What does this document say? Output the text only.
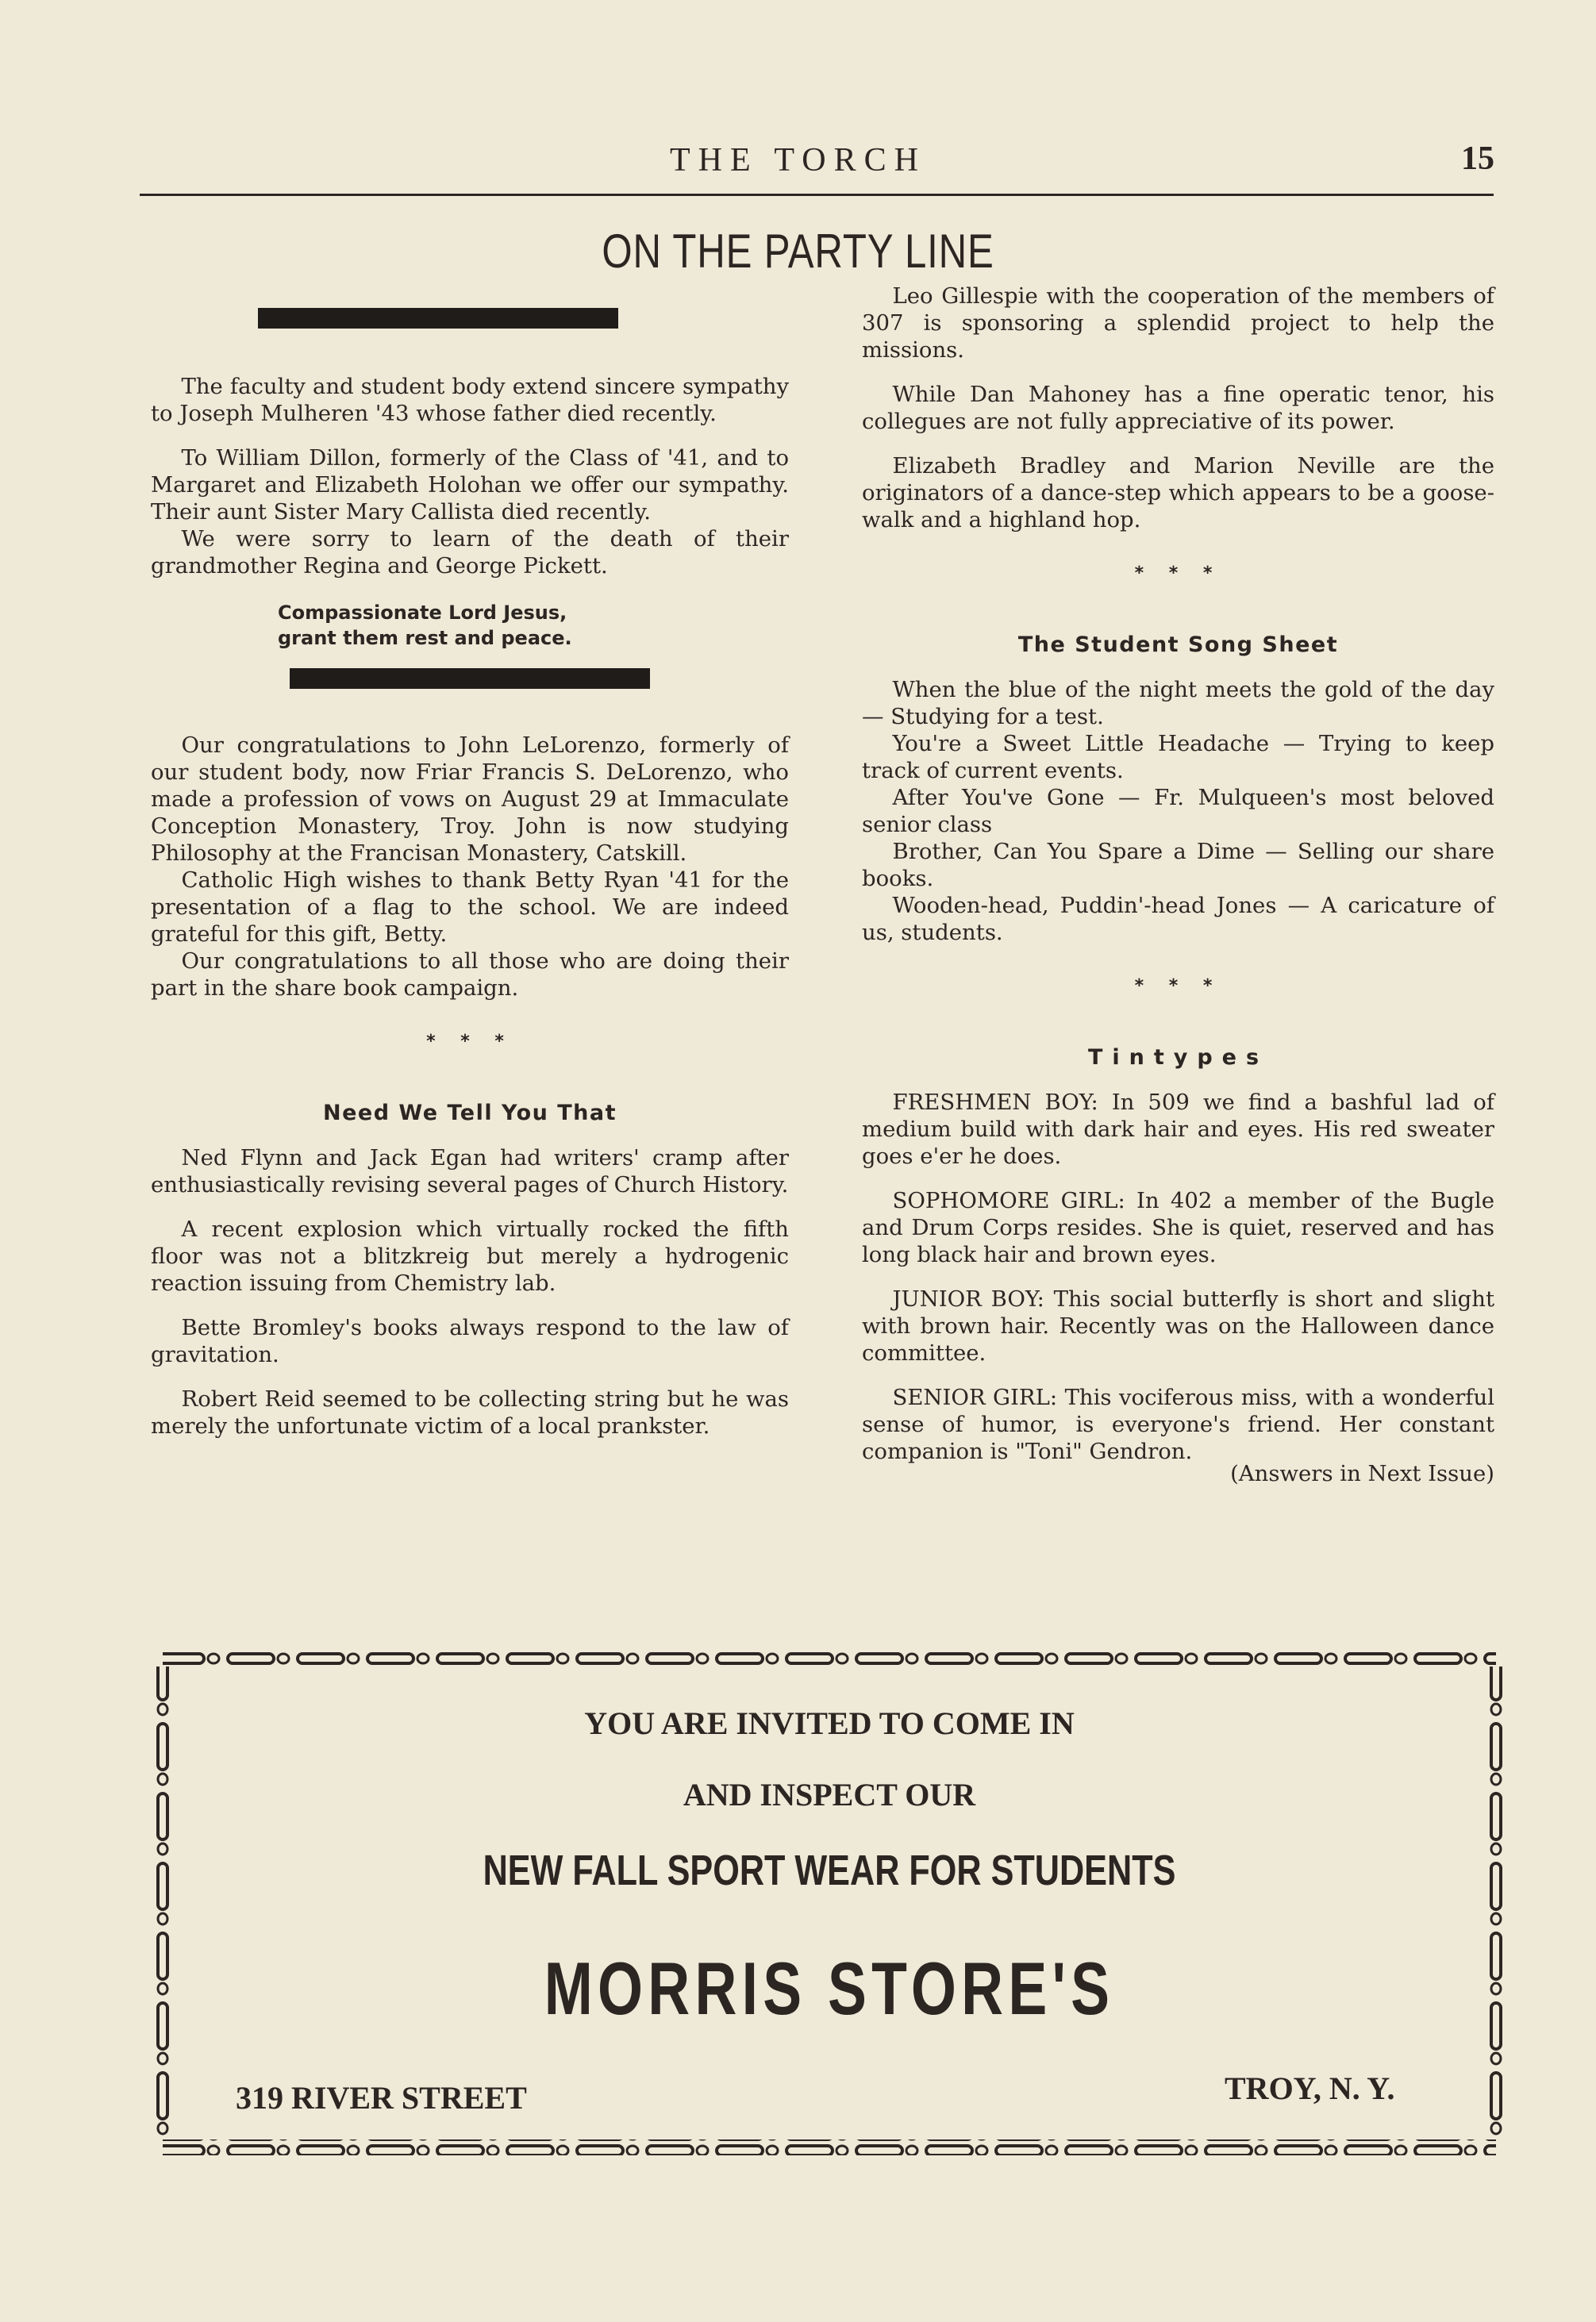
THE TORCH	15
ON THE PARTY LINE

The faculty and student body extend sincere sympathy to Joseph Mulheren '43 whose father died recently.

To William Dillon, formerly of the Class of '41, and to Margaret and Elizabeth Holohan we offer our sympathy. Their aunt Sister Mary Callista died recently.

We were sorry to learn of the death of their grandmother Regina and George Pickett.

Compassionate Lord Jesus,
grant them rest and peace.

Our congratulations to John LeLorenzo, formerly of our student body, now Friar Francis S. DeLorenzo, who made a profession of vows on August 29 at Immaculate Conception Monastery, Troy. John is now studying Philosophy at the Francisan Monastery, Catskill.

Catholic High wishes to thank Betty Ryan '41 for the presentation of a flag to the school. We are indeed grateful for this gift, Betty.

Our congratulations to all those who are doing their part in the share book campaign.

* * *
Need We Tell You That

Ned Flynn and Jack Egan had writers' cramp after enthusiastically revising several pages of Church History.

A recent explosion which virtually rocked the fifth floor was not a blitzkreig but merely a hydrogenic reaction issuing from Chemistry lab.

Bette Bromley's books always respond to the law of gravitation.

Robert Reid seemed to be collecting string but he was merely the unfortunate victim of a local prankster.

Leo Gillespie with the cooperation of the members of 307 is sponsoring a splendid project to help the missions.

While Dan Mahoney has a fine operatic tenor, his collegues are not fully appreciative of its power.

Elizabeth Bradley and Marion Neville are the originators of a dance-step which appears to be a goose-walk and a highland hop.

* * *
The Student Song Sheet

When the blue of the night meets the gold of the day — Studying for a test.

You're a Sweet Little Headache — Trying to keep track of current events.

After You've Gone — Fr. Mulqueen's most beloved senior class

Brother, Can You Spare a Dime — Selling our share books.

Wooden-head, Puddin'-head Jones — A caricature of us, students.

* * *
Tintypes

FRESHMEN BOY: In 509 we find a bashful lad of medium build with dark hair and eyes. His red sweater goes e'er he does.

SOPHOMORE GIRL: In 402 a member of the Bugle and Drum Corps resides. She is quiet, reserved and has long black hair and brown eyes.

JUNIOR BOY: This social butterfly is short and slight with brown hair. Recently was on the Halloween dance committee.

SENIOR GIRL: This vociferous miss, with a wonderful sense of humor, is everyone's friend. Her constant companion is "Toni" Gendron.

(Answers in Next Issue)
YOU ARE INVITED TO COME IN
AND INSPECT OUR
NEW FALL SPORT WEAR FOR STUDENTS
MORRIS STORE'S
319 RIVER STREET	TROY, N. Y.
